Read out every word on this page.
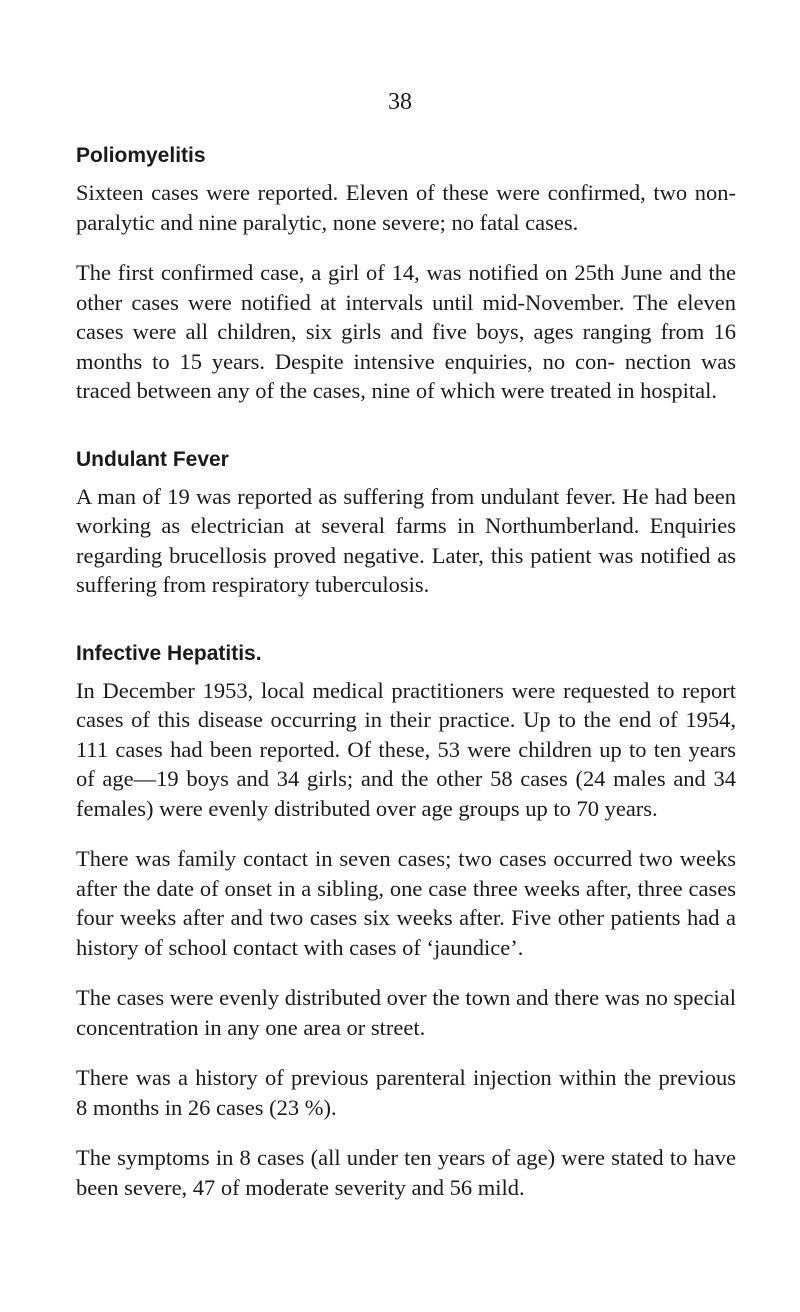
38
Poliomyelitis

Sixteen cases were reported. Eleven of these were confirmed, two non-paralytic and nine paralytic, none severe; no fatal cases.

The first confirmed case, a girl of 14, was notified on 25th June and the other cases were notified at intervals until mid-November. The eleven cases were all children, six girls and five boys, ages ranging from 16 months to 15 years. Despite intensive enquiries, no con- nection was traced between any of the cases, nine of which were treated in hospital.

Undulant Fever

A man of 19 was reported as suffering from undulant fever. He had been working as electrician at several farms in Northumberland. Enquiries regarding brucellosis proved negative. Later, this patient was notified as suffering from respiratory tuberculosis.

Infective Hepatitis.

In December 1953, local medical practitioners were requested to report cases of this disease occurring in their practice. Up to the end of 1954, 111 cases had been reported. Of these, 53 were children up to ten years of age—19 boys and 34 girls; and the other 58 cases (24 males and 34 females) were evenly distributed over age groups up to 70 years.

There was family contact in seven cases; two cases occurred two weeks after the date of onset in a sibling, one case three weeks after, three cases four weeks after and two cases six weeks after. Five other patients had a history of school contact with cases of ‘jaundice’.

The cases were evenly distributed over the town and there was no special concentration in any one area or street.

There was a history of previous parenteral injection within the previous 8 months in 26 cases (23 %).

The symptoms in 8 cases (all under ten years of age) were stated to have been severe, 47 of moderate severity and 56 mild.
